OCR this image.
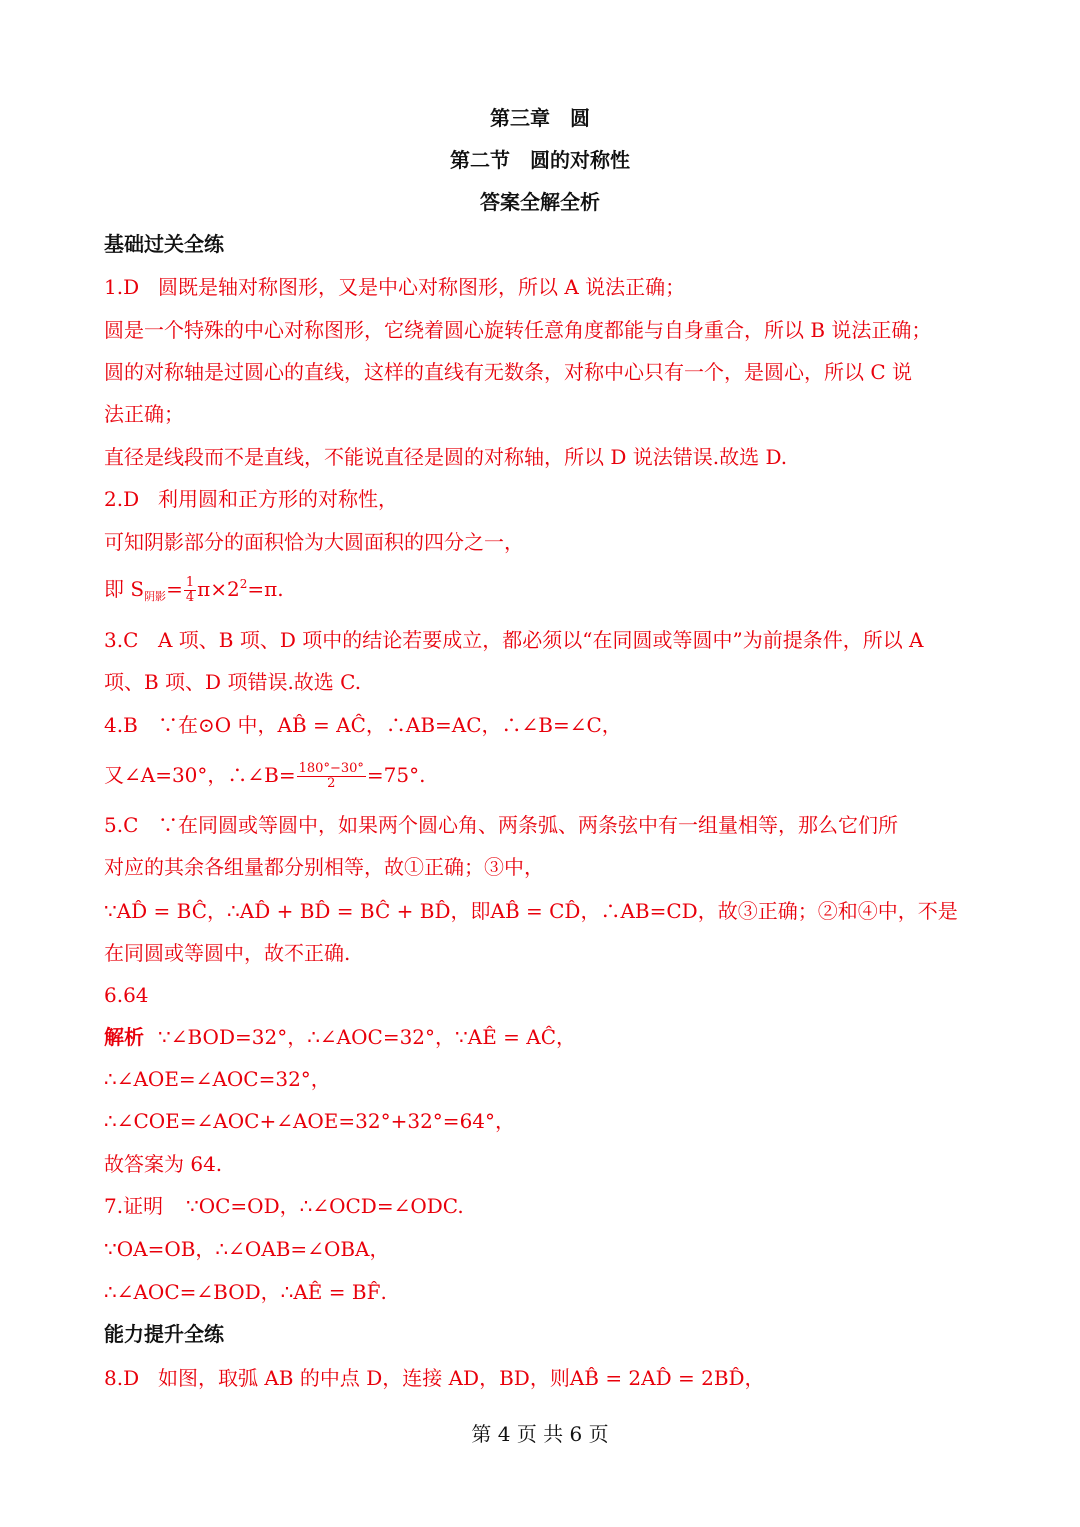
第三章　圆
第二节　圆的对称性
答案全解全析
基础过关全练
1.D 圆既是轴对称图形，又是中心对称图形，所以 A 说法正确；
圆是一个特殊的中心对称图形，它绕着圆心旋转任意角度都能与自身重合，所以 B 说法正确；
圆的对称轴是过圆心的直线，这样的直线有无数条，对称中心只有一个，是圆心，所以 C 说
法正确；
直径是线段而不是直线，不能说直径是圆的对称轴，所以 D 说法错误.故选 D.
2.D 利用圆和正方形的对称性，
可知阴影部分的面积恰为大圆面积的四分之一，
即 $S_{阴影}= \frac{1}{4} \pi\times 2^2=\pi$.
3.C A 项、B 项、D 项中的结论若要成立，都必须以“在同圆或等圆中”为前提条件，所以 A
项、B 项、D 项错误.故选 C.
4.B ∵在⊙O 中，AB̂ = AĈ，∴AB=AC，∴∠B=∠C，
又∠A=30°，∴∠B= $\frac{180^\circ-30^\circ}{2} =75^\circ$.
5.C ∵在同圆或等圆中，如果两个圆心角、两条弧、两条弦中有一组量相等，那么它们所
对应的其余各组量都分别相等，故①正确；③中，
∵AD̂ = BĈ，∴AD̂ + BD̂ = BĈ + BD̂，即AB̂ = CD̂，∴AB=CD，故③正确；②和④中，不是
在同圆或等圆中，故不正确.
6.64
解析 ∵∠BOD=32°，∴∠AOC=32°，∵AÊ = AĈ，
∴∠AOE=∠AOC=32°，
∴∠COE=∠AOC+∠AOE=32°+32°=64°，
故答案为 64.
7.证明 ∵OC=OD，∴∠OCD=∠ODC.
∵OA=OB，∴∠OAB=∠OBA，
∴∠AOC=∠BOD，∴AÊ = BF̂.
能力提升全练
8.D 如图，取弧 AB 的中点 D，连接 AD，BD，则AB̂ = 2AD̂ = 2BD̂，
第 4 页 共 6 页
